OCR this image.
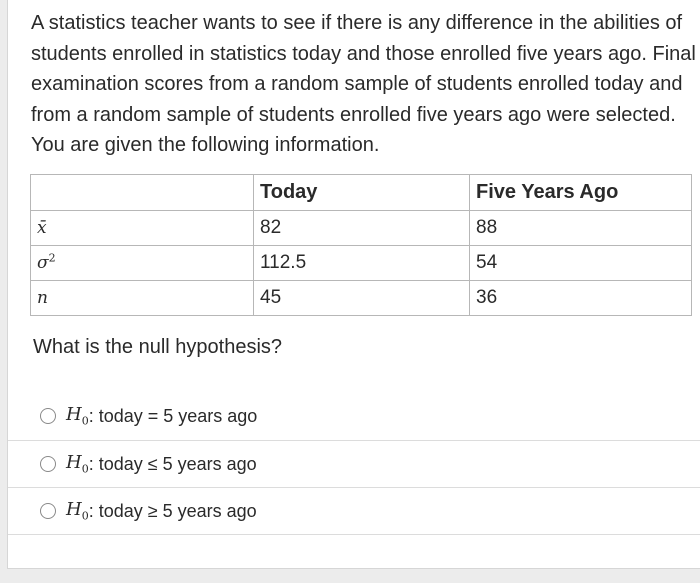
A statistics teacher wants to see if there is any difference in the abilities of students enrolled in statistics today and those enrolled five years ago. Final examination scores from a random sample of students enrolled today and from a random sample of students enrolled five years ago were selected. You are given the following information.
	Today	Five Years Ago
x̄	82	88
$\sigma^2$	112.5	54
n	45	36
What is the null hypothesis?
$H_0$ : today = 5 years ago
$H_0$ : today ≤ 5 years ago
$H_0$ : today ≥ 5 years ago
